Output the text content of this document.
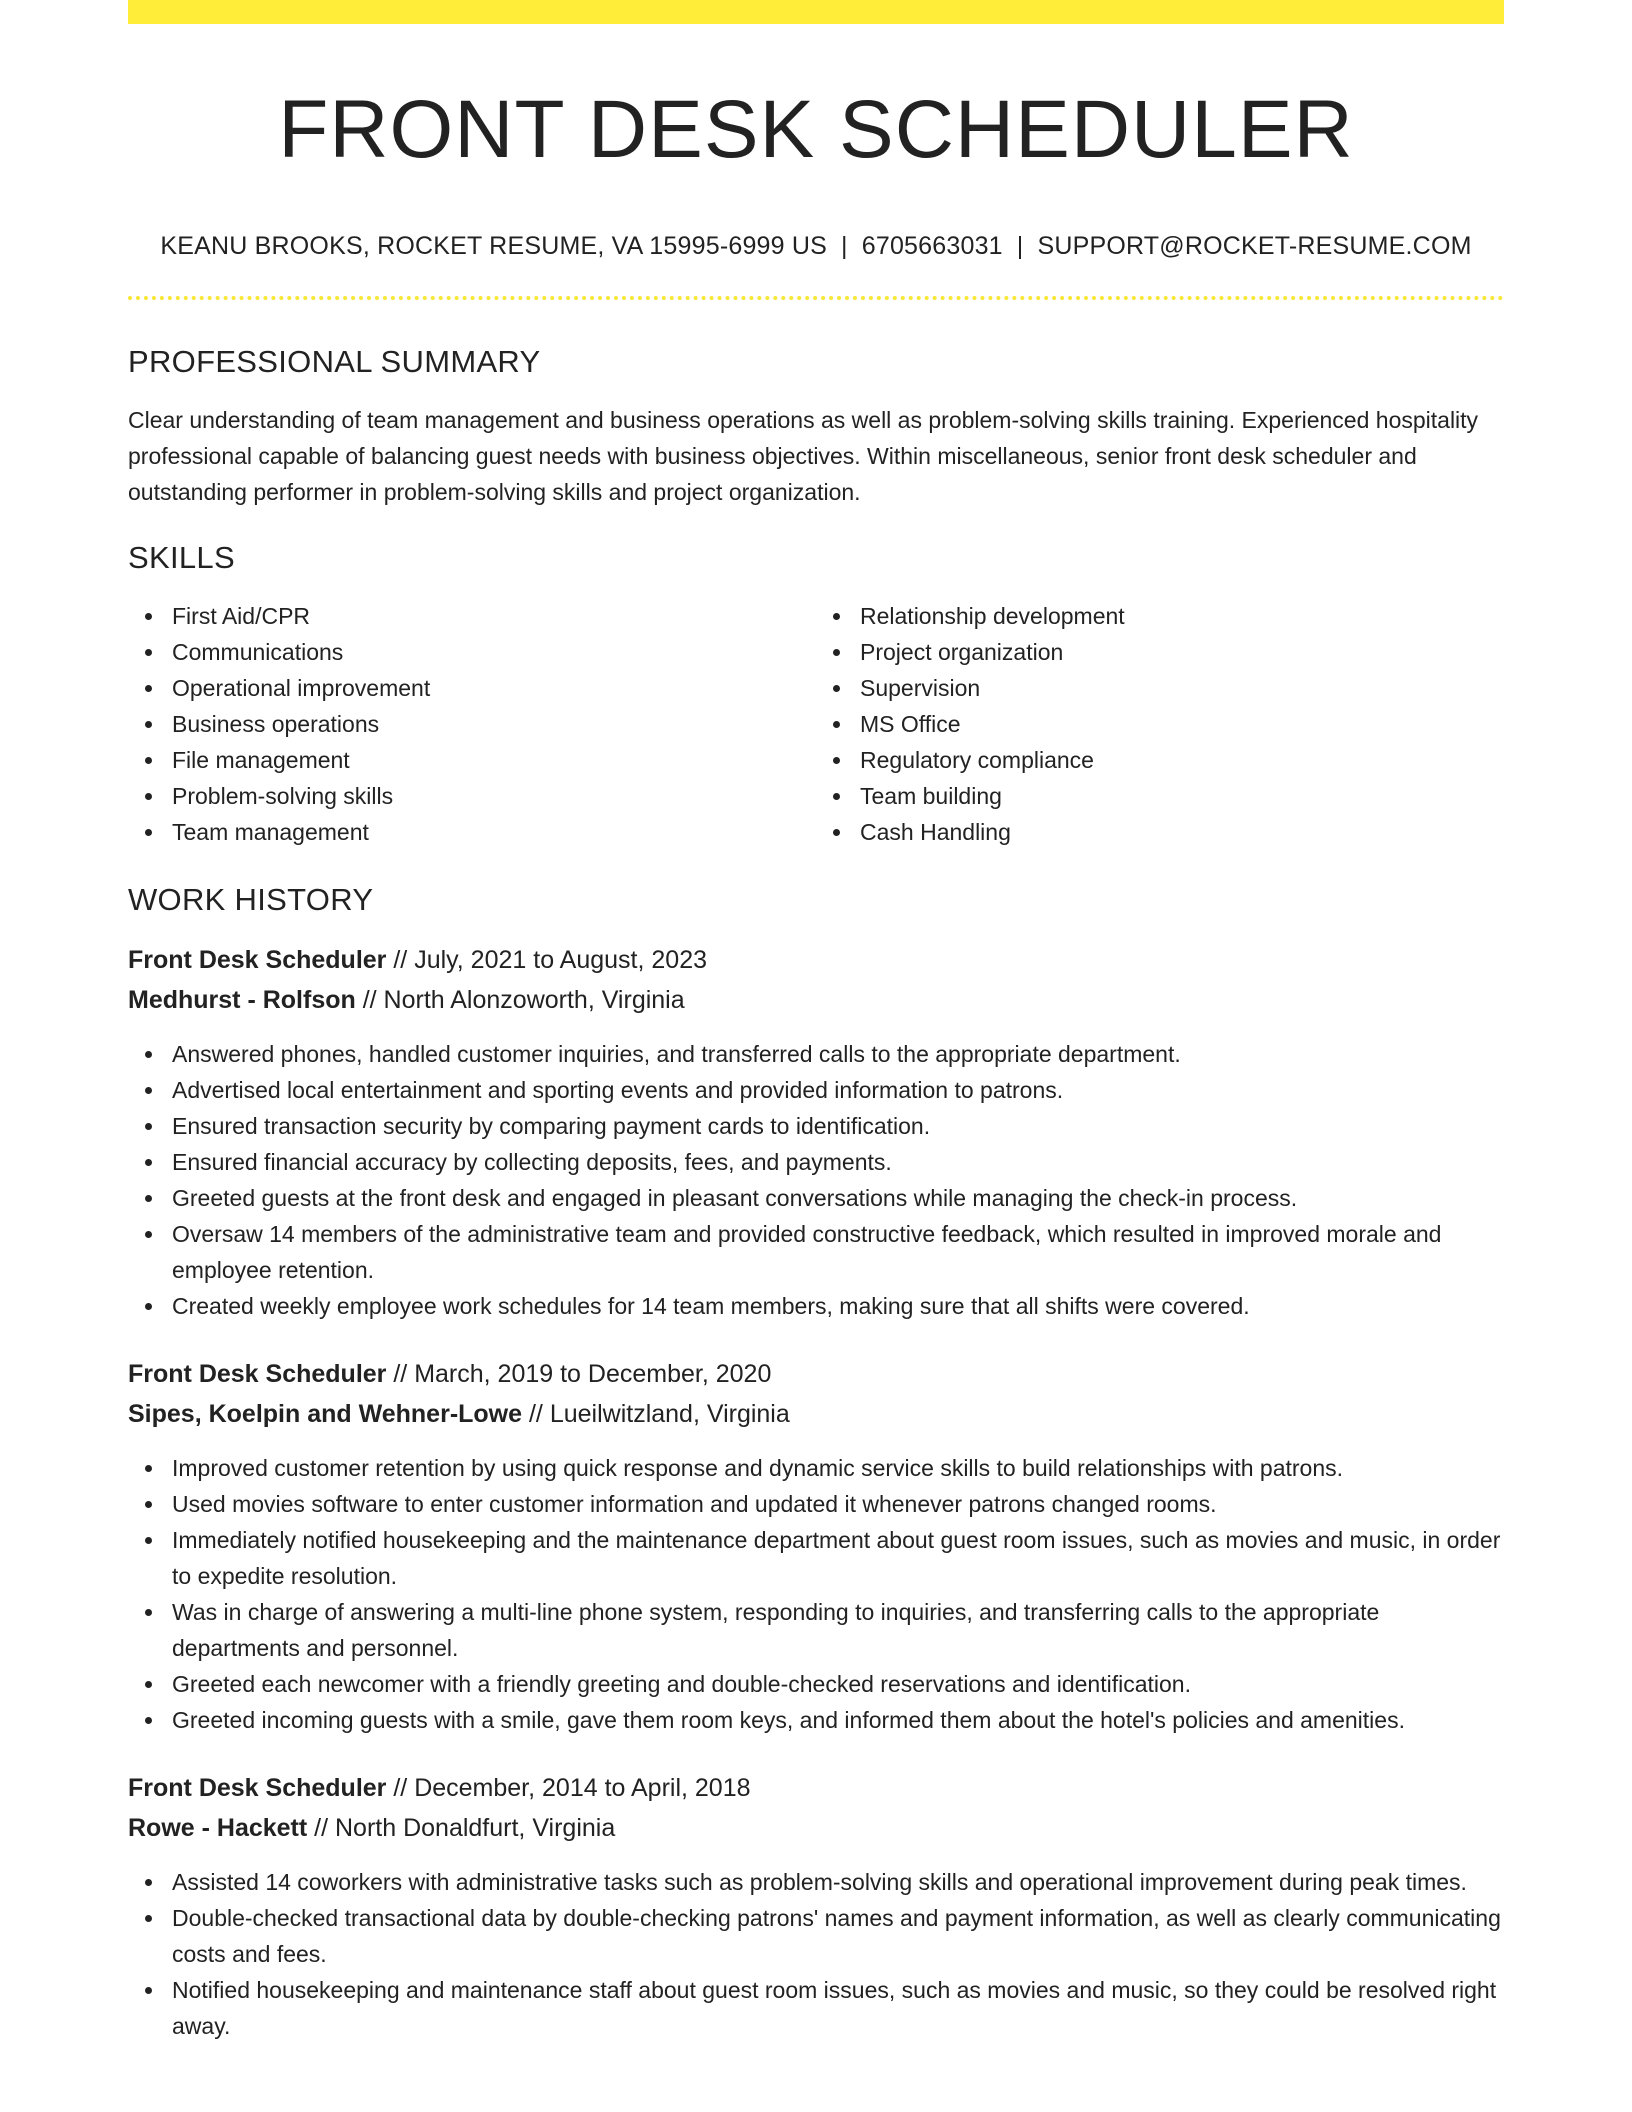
FRONT DESK SCHEDULER
KEANU BROOKS, ROCKET RESUME, VA 15995-6999 US | 6705663031 | SUPPORT@ROCKET-RESUME.COM
PROFESSIONAL SUMMARY

Clear understanding of team management and business operations as well as problem-solving skills training. Experienced hospitality professional capable of balancing guest needs with business objectives. Within miscellaneous, senior front desk scheduler and outstanding performer in problem-solving skills and project organization.

SKILLS
First Aid/CPR
Communications
Operational improvement
Business operations
File management
Problem-solving skills
Team management
Relationship development
Project organization
Supervision
MS Office
Regulatory compliance
Team building
Cash Handling
WORK HISTORY
Front Desk Scheduler // July, 2021 to August, 2023
Medhurst - Rolfson // North Alonzoworth, Virginia
Answered phones, handled customer inquiries, and transferred calls to the appropriate department.
Advertised local entertainment and sporting events and provided information to patrons.
Ensured transaction security by comparing payment cards to identification.
Ensured financial accuracy by collecting deposits, fees, and payments.
Greeted guests at the front desk and engaged in pleasant conversations while managing the check-in process.
Oversaw 14 members of the administrative team and provided constructive feedback, which resulted in improved morale and employee retention.
Created weekly employee work schedules for 14 team members, making sure that all shifts were covered.
Front Desk Scheduler // March, 2019 to December, 2020
Sipes, Koelpin and Wehner-Lowe // Lueilwitzland, Virginia
Improved customer retention by using quick response and dynamic service skills to build relationships with patrons.
Used movies software to enter customer information and updated it whenever patrons changed rooms.
Immediately notified housekeeping and the maintenance department about guest room issues, such as movies and music, in order to expedite resolution.
Was in charge of answering a multi-line phone system, responding to inquiries, and transferring calls to the appropriate departments and personnel.
Greeted each newcomer with a friendly greeting and double-checked reservations and identification.
Greeted incoming guests with a smile, gave them room keys, and informed them about the hotel's policies and amenities.
Front Desk Scheduler // December, 2014 to April, 2018
Rowe - Hackett // North Donaldfurt, Virginia
Assisted 14 coworkers with administrative tasks such as problem-solving skills and operational improvement during peak times.
Double-checked transactional data by double-checking patrons' names and payment information, as well as clearly communicating costs and fees.
Notified housekeeping and maintenance staff about guest room issues, such as movies and music, so they could be resolved right away.
